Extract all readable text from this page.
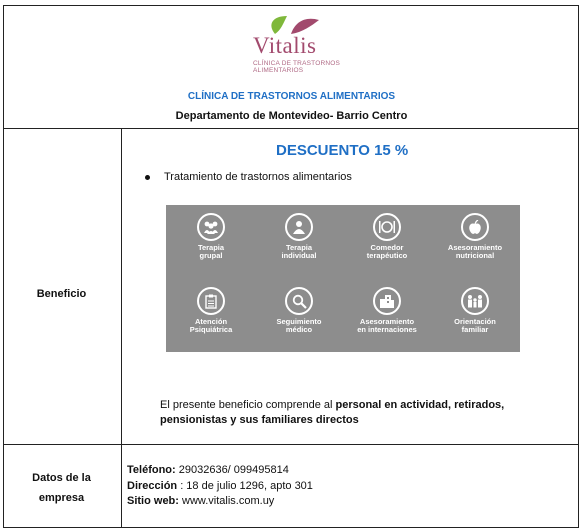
Vitalis
CLÍNICA DE TRASTORNOS
ALIMENTARIOS
CLÍNICA DE TRASTORNOS ALIMENTARIOS
Departamento de Montevideo- Barrio Centro
Beneficio
Datos de la
empresa
DESCUENTO 15 %
Tratamiento de trastornos alimentarios
Terapia
grupal
Terapia
individual
Comedor
terapéutico
Asesoramiento
nutricional
Atención
Psiquiátrica
Seguimiento
médico
Asesoramiento
en internaciones
Orientación
familiar
El presente beneficio comprende al personal en actividad, retirados, pensionistas y sus familiares directos
Teléfono: 29032636/ 099495814
Dirección : 18 de julio 1296, apto 301
Sitio web: www.vitalis.com.uy
